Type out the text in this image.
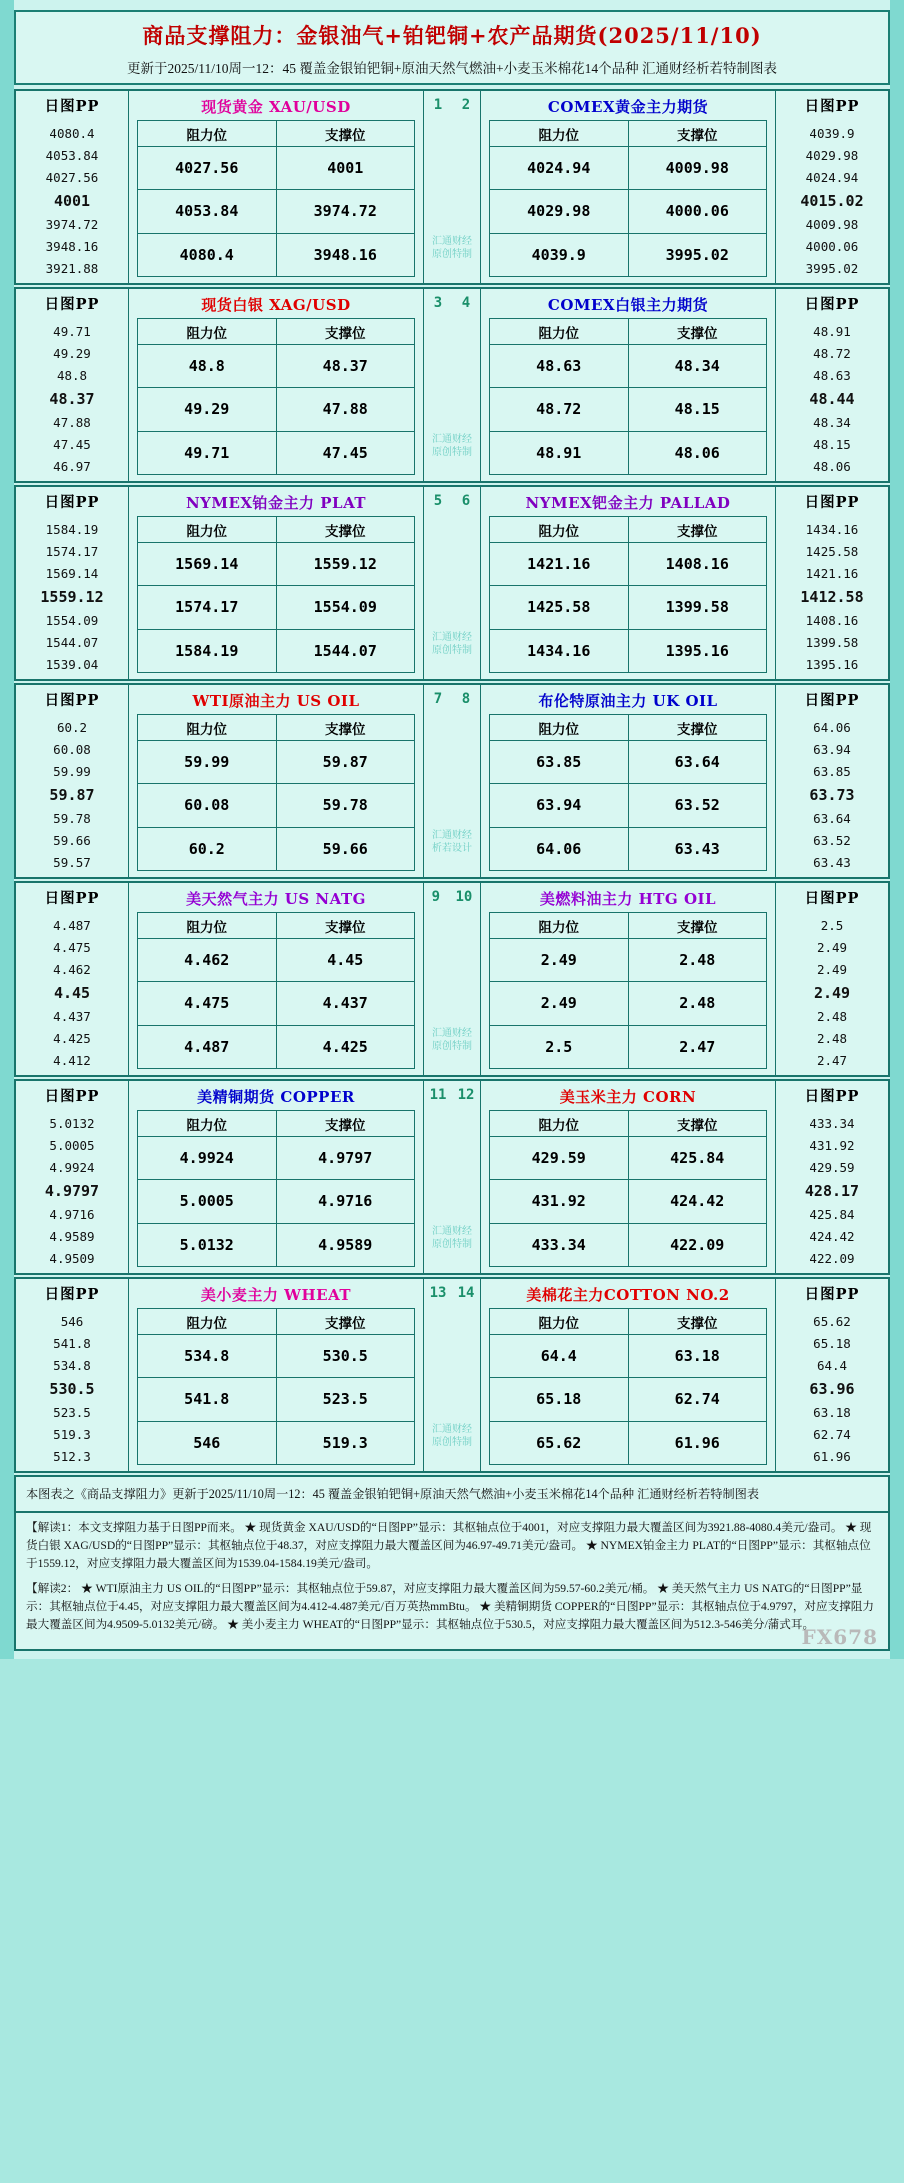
商品支撑阻力：金银油气+铂钯铜+农产品期货(2025/11/10)
更新于2025/11/10周一12：45 覆盖金银铂钯铜+原油天然气燃油+小麦玉米棉花14个品种 汇通财经析若特制图表
日图PP
4080.4
4053.84
4027.56
4001
3974.72
3948.16
3921.88
现货黄金 XAU/USD
阻力位	支撑位
4027.56	4001
4053.84	3974.72
4080.4	3948.16
1 2
汇通财经
原创特制
COMEX黄金主力期货
阻力位	支撑位
4024.94	4009.98
4029.98	4000.06
4039.9	3995.02
日图PP
4039.9
4029.98
4024.94
4015.02
4009.98
4000.06
3995.02
日图PP
49.71
49.29
48.8
48.37
47.88
47.45
46.97
现货白银 XAG/USD
阻力位	支撑位
48.8	48.37
49.29	47.88
49.71	47.45
3 4
汇通财经
原创特制
COMEX白银主力期货
阻力位	支撑位
48.63	48.34
48.72	48.15
48.91	48.06
日图PP
48.91
48.72
48.63
48.44
48.34
48.15
48.06
日图PP
1584.19
1574.17
1569.14
1559.12
1554.09
1544.07
1539.04
NYMEX铂金主力 PLAT
阻力位	支撑位
1569.14	1559.12
1574.17	1554.09
1584.19	1544.07
5 6
汇通财经
原创特制
NYMEX钯金主力 PALLAD
阻力位	支撑位
1421.16	1408.16
1425.58	1399.58
1434.16	1395.16
日图PP
1434.16
1425.58
1421.16
1412.58
1408.16
1399.58
1395.16
日图PP
60.2
60.08
59.99
59.87
59.78
59.66
59.57
WTI原油主力 US OIL
阻力位	支撑位
59.99	59.87
60.08	59.78
60.2	59.66
7 8
汇通财经
析若设计
布伦特原油主力 UK OIL
阻力位	支撑位
63.85	63.64
63.94	63.52
64.06	63.43
日图PP
64.06
63.94
63.85
63.73
63.64
63.52
63.43
日图PP
4.487
4.475
4.462
4.45
4.437
4.425
4.412
美天然气主力 US NATG
阻力位	支撑位
4.462	4.45
4.475	4.437
4.487	4.425
9 10
汇通财经
原创特制
美燃料油主力 HTG OIL
阻力位	支撑位
2.49	2.48
2.49	2.48
2.5	2.47
日图PP
2.5
2.49
2.49
2.49
2.48
2.48
2.47
日图PP
5.0132
5.0005
4.9924
4.9797
4.9716
4.9589
4.9509
美精铜期货 COPPER
阻力位	支撑位
4.9924	4.9797
5.0005	4.9716
5.0132	4.9589
11 12
汇通财经
原创特制
美玉米主力 CORN
阻力位	支撑位
429.59	425.84
431.92	424.42
433.34	422.09
日图PP
433.34
431.92
429.59
428.17
425.84
424.42
422.09
日图PP
546
541.8
534.8
530.5
523.5
519.3
512.3
美小麦主力 WHEAT
阻力位	支撑位
534.8	530.5
541.8	523.5
546	519.3
13 14
汇通财经
原创特制
美棉花主力COTTON NO.2
阻力位	支撑位
64.4	63.18
65.18	62.74
65.62	61.96
日图PP
65.62
65.18
64.4
63.96
63.18
62.74
61.96
本图表之《商品支撑阻力》更新于2025/11/10周一12：45 覆盖金银铂钯铜+原油天然气燃油+小麦玉米棉花14个品种 汇通财经析若特制图表

【解读1：本文支撑阻力基于日图PP而来。 ★ 现货黄金 XAU/USD的“日图PP”显示：其枢轴点位于4001，对应支撑阻力最大覆盖区间为3921.88-4080.4美元/盎司。 ★ 现货白银 XAG/USD的“日图PP”显示：其枢轴点位于48.37，对应支撑阻力最大覆盖区间为46.97-49.71美元/盎司。 ★ NYMEX铂金主力 PLAT的“日图PP”显示：其枢轴点位于1559.12，对应支撑阻力最大覆盖区间为1539.04-1584.19美元/盎司。

【解读2： ★ WTI原油主力 US OIL的“日图PP”显示：其枢轴点位于59.87，对应支撑阻力最大覆盖区间为59.57-60.2美元/桶。 ★ 美天然气主力 US NATG的“日图PP”显示：其枢轴点位于4.45，对应支撑阻力最大覆盖区间为4.412-4.487美元/百万英热mmBtu。 ★ 美精铜期货 COPPER的“日图PP”显示：其枢轴点位于4.9797，对应支撑阻力最大覆盖区间为4.9509-5.0132美元/磅。 ★ 美小麦主力 WHEAT的“日图PP”显示：其枢轴点位于530.5，对应支撑阻力最大覆盖区间为512.3-546美分/蒲式耳。

FX678
